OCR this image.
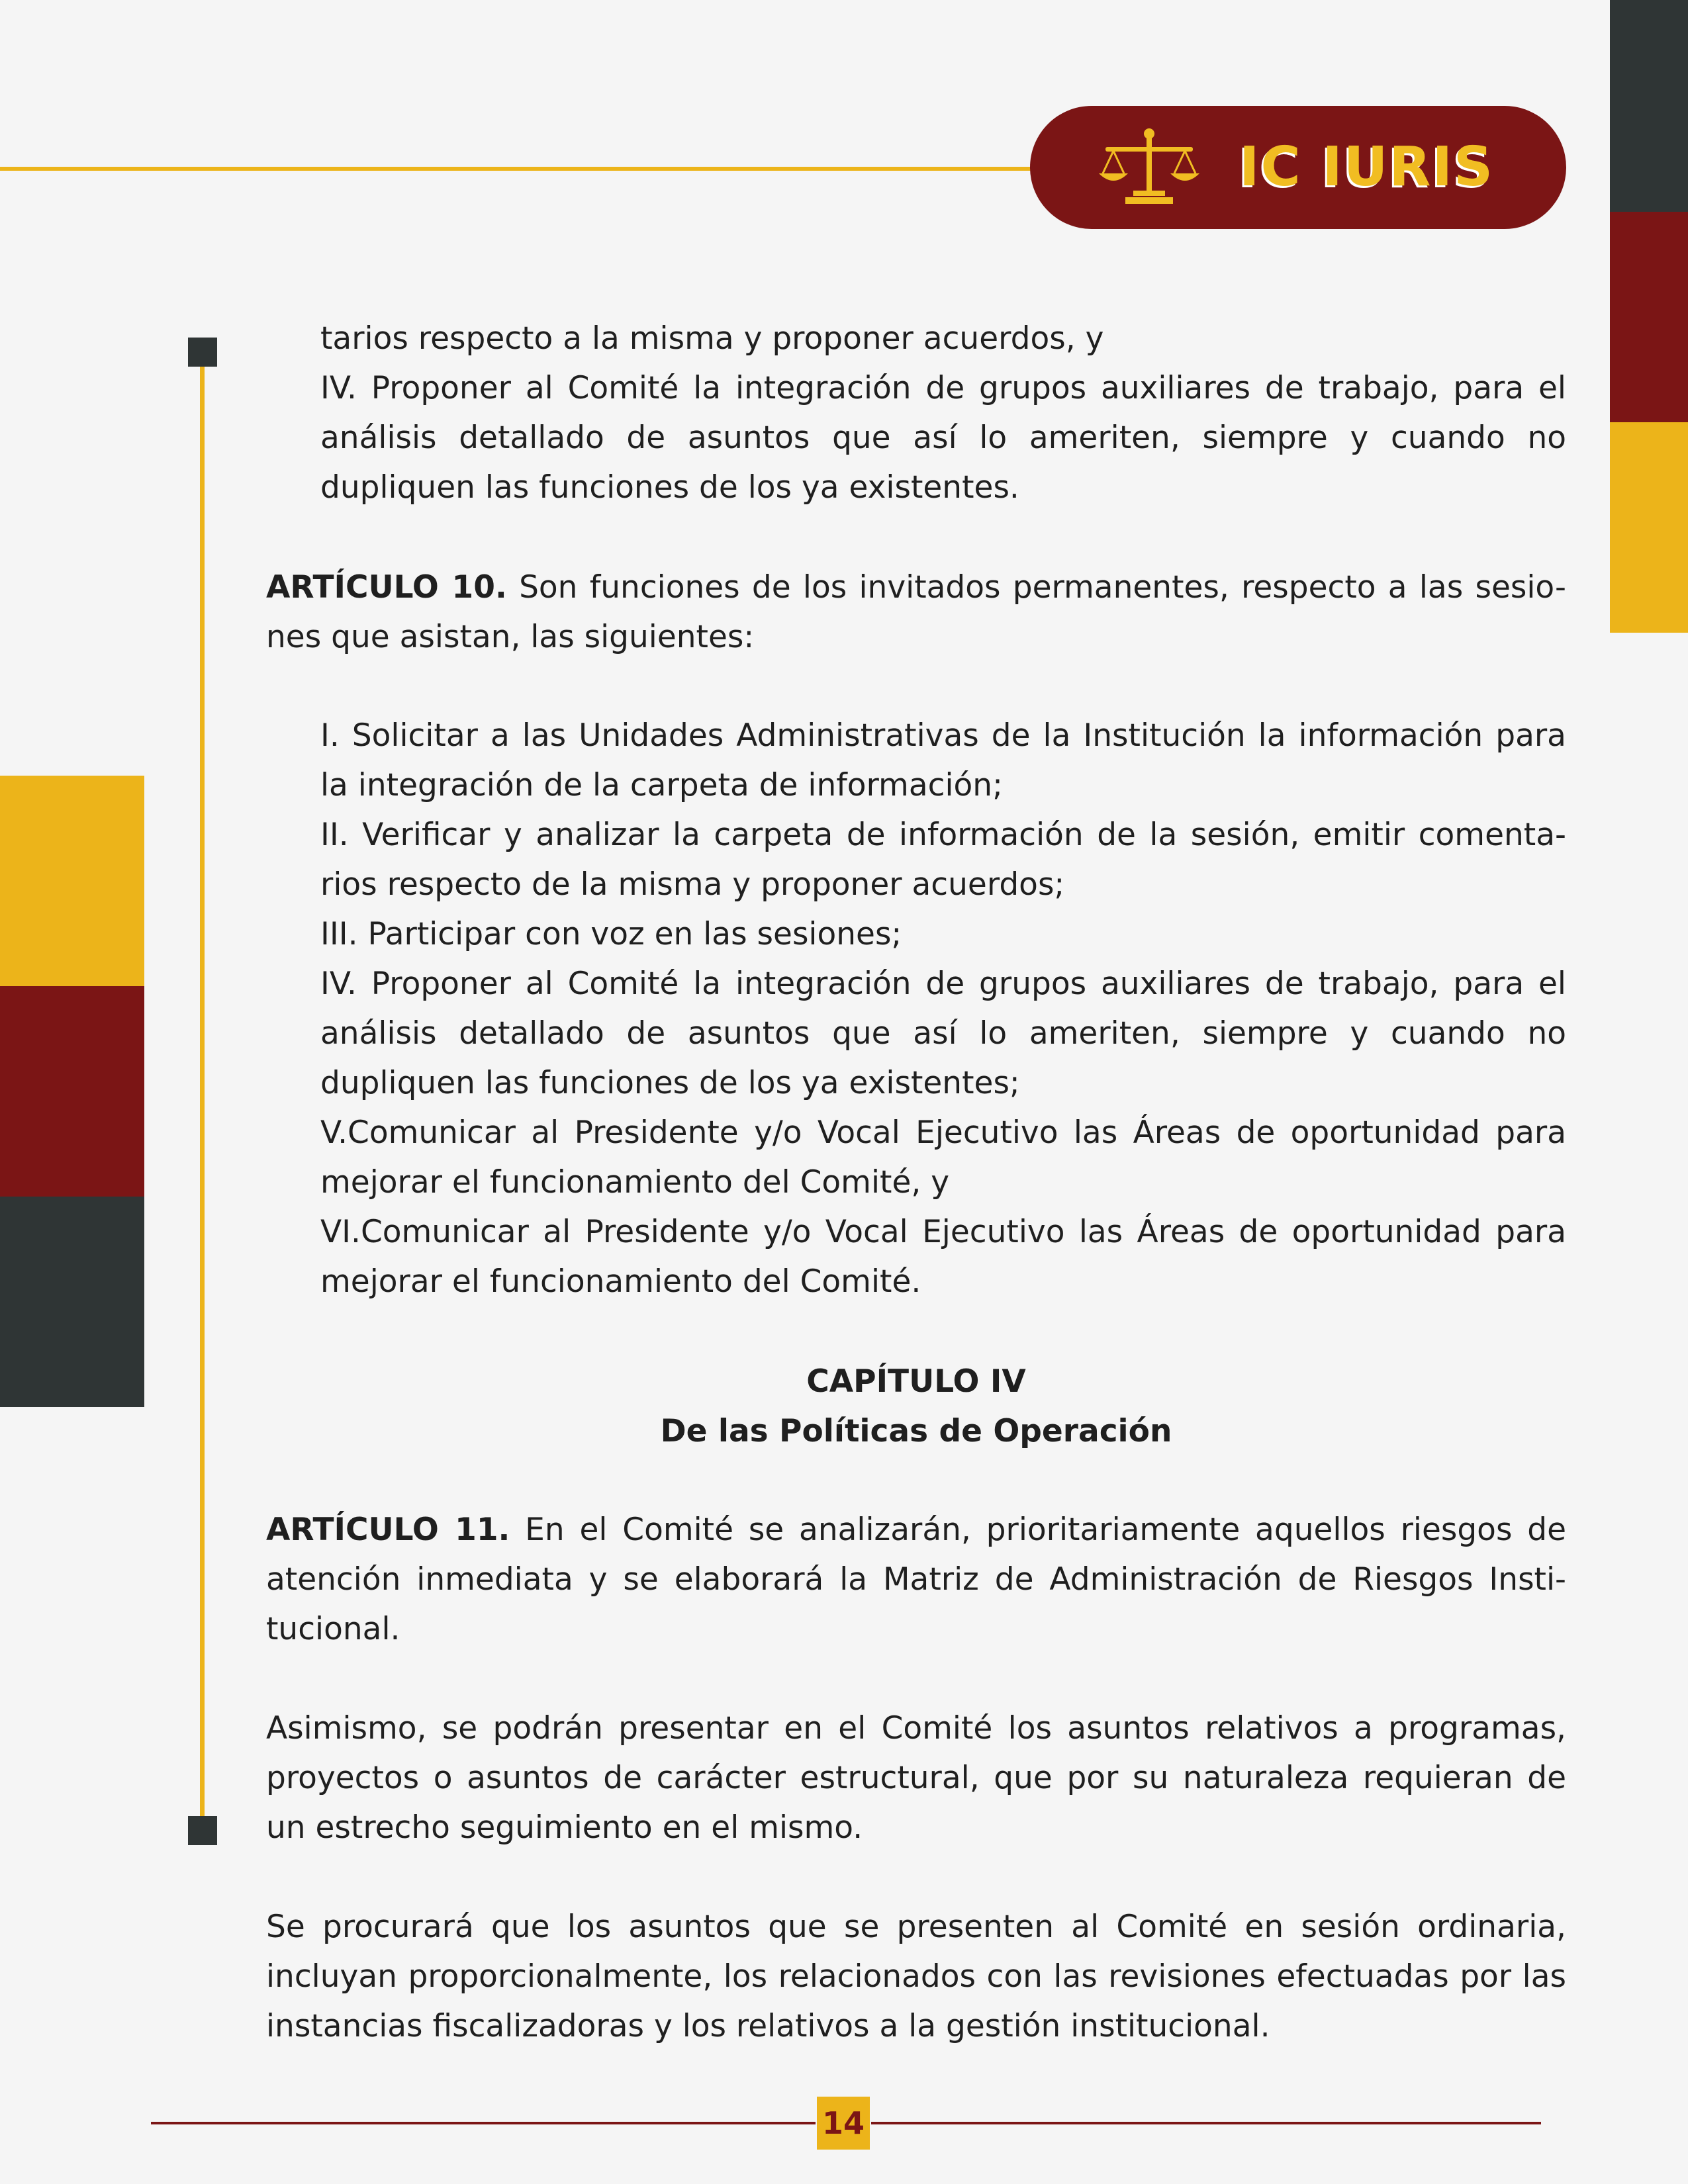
IC IURIS
tarios respecto a la misma y proponer acuerdos, y
IV. Proponer al Comité la integración de grupos auxiliares de trabajo, para el análisis detallado de asuntos que así lo ameriten, siempre y cuando no dupliquen las funciones de los ya existentes.
ARTÍCULO 10. Son funciones de los invitados permanentes, respecto a las sesio-nes que asistan, las siguientes:
I. Solicitar a las Unidades Administrativas de la Institución la información para la integración de la carpeta de información;
II. Verificar y analizar la carpeta de información de la sesión, emitir comenta-rios respecto de la misma y proponer acuerdos;
III. Participar con voz en las sesiones;
IV. Proponer al Comité la integración de grupos auxiliares de trabajo, para el análisis detallado de asuntos que así lo ameriten, siempre y cuando no dupliquen las funciones de los ya existentes;
V.Comunicar al Presidente y/o Vocal Ejecutivo las Áreas de oportunidad para mejorar el funcionamiento del Comité, y
VI.Comunicar al Presidente y/o Vocal Ejecutivo las Áreas de oportunidad para mejorar el funcionamiento del Comité.
CAPÍTULO IV
De las Políticas de Operación
ARTÍCULO 11. En el Comité se analizarán, prioritariamente aquellos riesgos de atención inmediata y se elaborará la Matriz de Administración de Riesgos Insti-tucional.
Asimismo, se podrán presentar en el Comité los asuntos relativos a programas, proyectos o asuntos de carácter estructural, que por su naturaleza requieran de un estrecho seguimiento en el mismo.
Se procurará que los asuntos que se presenten al Comité en sesión ordinaria, incluyan proporcionalmente, los relacionados con las revisiones efectuadas por las instancias fiscalizadoras y los relativos a la gestión institucional.
14
